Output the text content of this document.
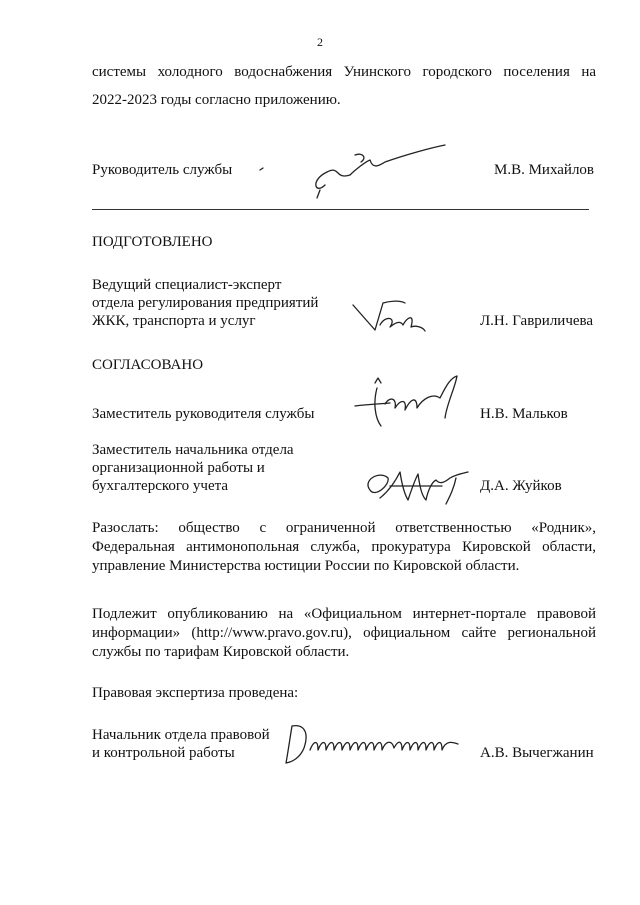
2
системы холодного водоснабжения Унинского городского поселения на
2022-2023 годы согласно приложению.
Руководитель службы	М.В. Михайлов
ПОДГОТОВЛЕНО
Ведущий специалист-эксперт
отдела регулирования предприятий
ЖКК, транспорта и услуг	Л.Н. Гавриличева
СОГЛАСОВАНО
Заместитель руководителя службы	Н.В. Мальков
Заместитель начальника отдела
организационной работы и
бухгалтерского учета	Д.А. Жуйков
Разослать: общество с ограниченной ответственностью «Родник»,
Федеральная антимонопольная служба, прокуратура Кировской области,
управление Министерства юстиции России по Кировской области.
Подлежит опубликованию на «Официальном интернет-портале правовой
информации» (http://www.pravo.gov.ru), официальном сайте региональной
службы по тарифам Кировской области.
Правовая экспертиза проведена:
Начальник отдела правовой
и контрольной работы	А.В. Вычегжанин
